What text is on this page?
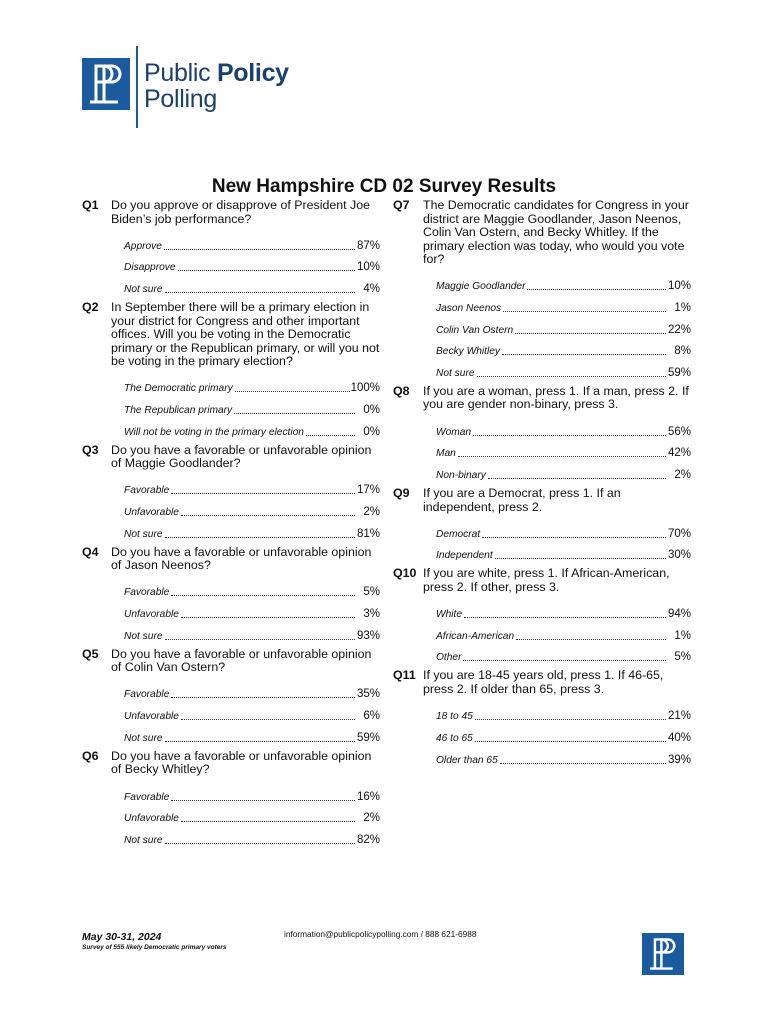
Public Policy
Polling
New Hampshire CD 02 Survey Results
Q1	Do you approve or disapprove of President Joe Biden’s job performance?
Approve	87%
Disapprove	10%
Not sure	4%
Q2	In September there will be a primary election in your district for Congress and other important offices. Will you be voting in the Democratic primary or the Republican primary, or will you not be voting in the primary election?
The Democratic primary	100%
The Republican primary	0%
Will not be voting in the primary election	0%
Q3	Do you have a favorable or unfavorable opinion of Maggie Goodlander?
Favorable	17%
Unfavorable	2%
Not sure	81%
Q4	Do you have a favorable or unfavorable opinion of Jason Neenos?
Favorable	5%
Unfavorable	3%
Not sure	93%
Q5	Do you have a favorable or unfavorable opinion of Colin Van Ostern?
Favorable	35%
Unfavorable	6%
Not sure	59%
Q6	Do you have a favorable or unfavorable opinion of Becky Whitley?
Favorable	16%
Unfavorable	2%
Not sure	82%
Q7	The Democratic candidates for Congress in your district are Maggie Goodlander, Jason Neenos, Colin Van Ostern, and Becky Whitley. If the primary election was today, who would you vote for?
Maggie Goodlander	10%
Jason Neenos	1%
Colin Van Ostern	22%
Becky Whitley	8%
Not sure	59%
Q8	If you are a woman, press 1. If a man, press 2. If you are gender non-binary, press 3.
Woman	56%
Man	42%
Non-binary	2%
Q9	If you are a Democrat, press 1. If an independent, press 2.
Democrat	70%
Independent	30%
Q10 If you are white, press 1. If African-American, press 2. If other, press 3.
White	94%
African-American	1%
Other	5%
Q11 If you are 18-45 years old, press 1. If 46-65, press 2. If older than 65, press 3.
18 to 45	21%
46 to 65	40%
Older than 65	39%
May 30-31, 2024
Survey of 555 likely Democratic primary voters
information@publicpolicypolling.com / 888 621-6988
